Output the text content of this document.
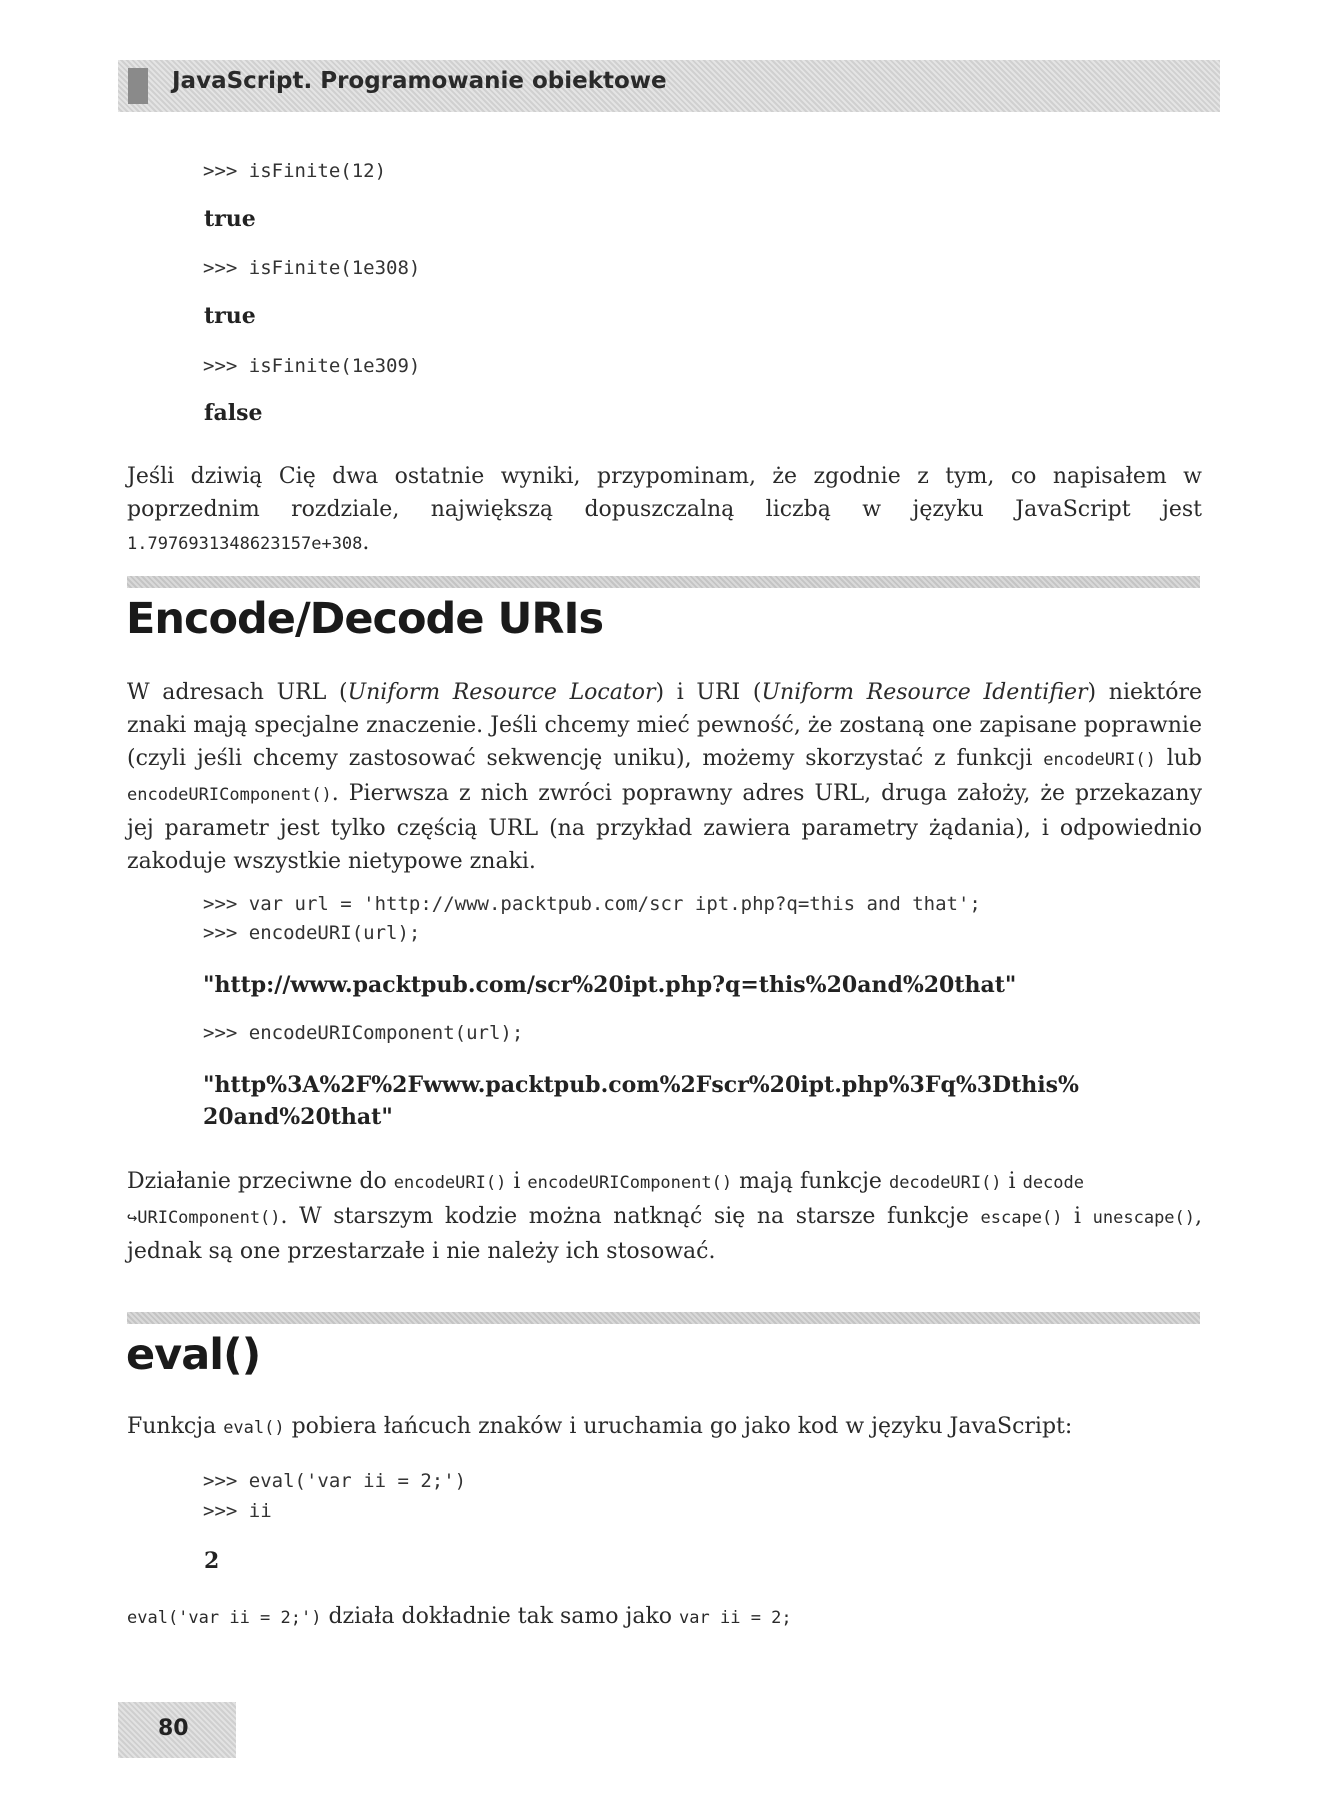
JavaScript. Programowanie obiektowe
>>> isFinite(12)
true
>>> isFinite(1e308)
true
>>> isFinite(1e309)
false
Jeśli dziwią Cię dwa ostatnie wyniki, przypominam, że zgodnie z tym, co napisałem w poprzednim rozdziale, największą dopuszczalną liczbą w języku JavaScript jest 1.7976931348623157e+308.
Encode/Decode URIs
W adresach URL (Uniform Resource Locator) i URI (Uniform Resource Identifier) niektóre znaki mają specjalne znaczenie. Jeśli chcemy mieć pewność, że zostaną one zapisane poprawnie (czyli jeśli chcemy zastosować sekwencję uniku), możemy skorzystać z funkcji encodeURI() lub encodeURIComponent(). Pierwsza z nich zwróci poprawny adres URL, druga założy, że przekazany jej parametr jest tylko częścią URL (na przykład zawiera parametry żądania), i odpowiednio zakoduje wszystkie nietypowe znaki.
>>> var url = 'http://www.packtpub.com/scr ipt.php?q=this and that';
>>> encodeURI(url);
"http://www.packtpub.com/scr%20ipt.php?q=this%20and%20that"
>>> encodeURIComponent(url);
"http%3A%2F%2Fwww.packtpub.com%2Fscr%20ipt.php%3Fq%3Dthis%
20and%20that"
Działanie przeciwne do encodeURI() i encodeURIComponent() mają funkcje decodeURI() i decode
↪URIComponent(). W starszym kodzie można natknąć się na starsze funkcje escape() i unescape(), jednak są one przestarzałe i nie należy ich stosować.
eval()
Funkcja eval() pobiera łańcuch znaków i uruchamia go jako kod w języku JavaScript:
>>> eval('var ii = 2;')
>>> ii
2
eval('var ii = 2;') działa dokładnie tak samo jako var ii = 2;
80
